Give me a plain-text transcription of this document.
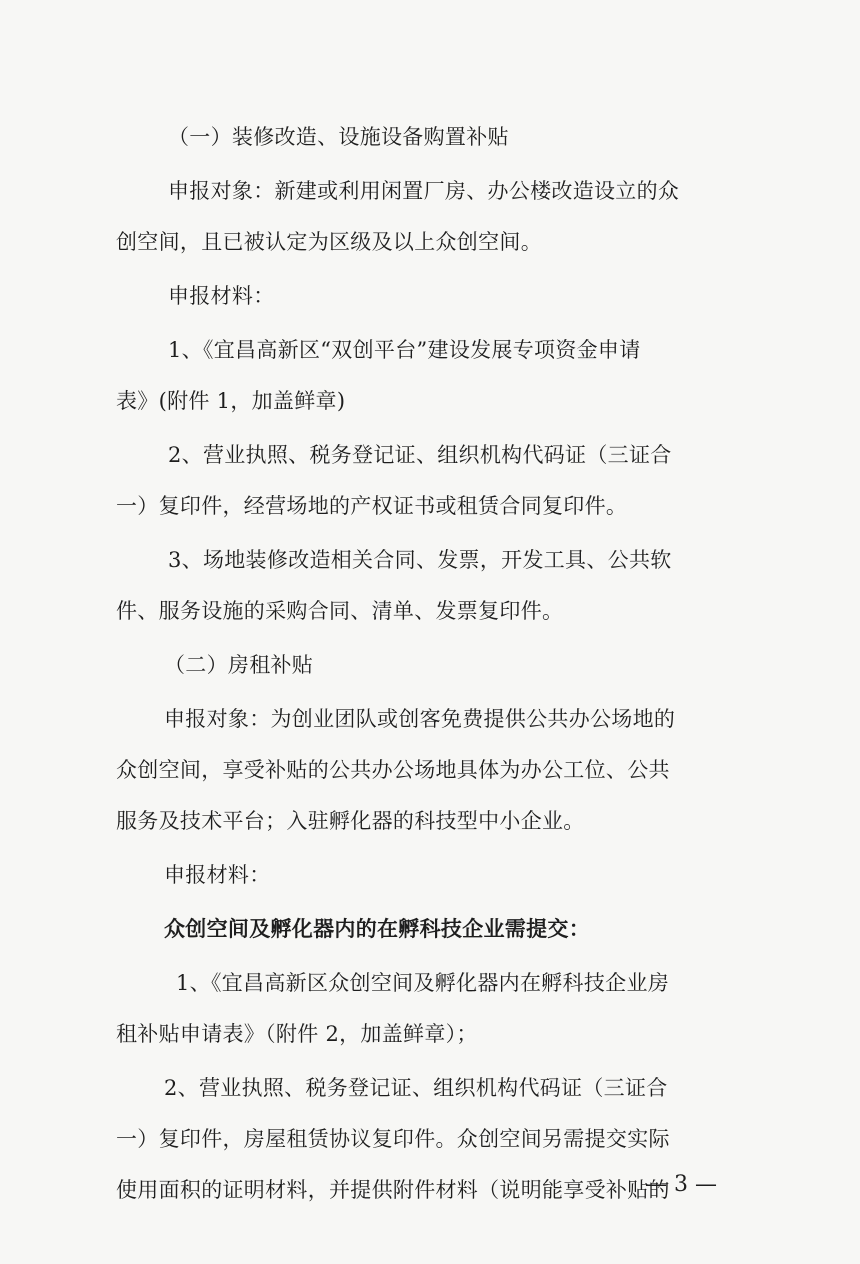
（一）装修改造、设施设备购置补贴
申报对象：新建或利用闲置厂房、办公楼改造设立的众
创空间，且已被认定为区级及以上众创空间。
申报材料：
1、《宜昌高新区“双创平台”建设发展专项资金申请
表》(附件 1，加盖鲜章)
2、营业执照、税务登记证、组织机构代码证（三证合
一）复印件，经营场地的产权证书或租赁合同复印件。
3、场地装修改造相关合同、发票，开发工具、公共软
件、服务设施的采购合同、清单、发票复印件。
（二）房租补贴
申报对象：为创业团队或创客免费提供公共办公场地的
众创空间，享受补贴的公共办公场地具体为办公工位、公共
服务及技术平台；入驻孵化器的科技型中小企业。
申报材料：
众创空间及孵化器内的在孵科技企业需提交：
1、《宜昌高新区众创空间及孵化器内在孵科技企业房
租补贴申请表》（附件 2，加盖鲜章）；
2、营业执照、税务登记证、组织机构代码证（三证合
一）复印件，房屋租赁协议复印件。众创空间另需提交实际
使用面积的证明材料，并提供附件材料（说明能享受补贴的
— 3 —
